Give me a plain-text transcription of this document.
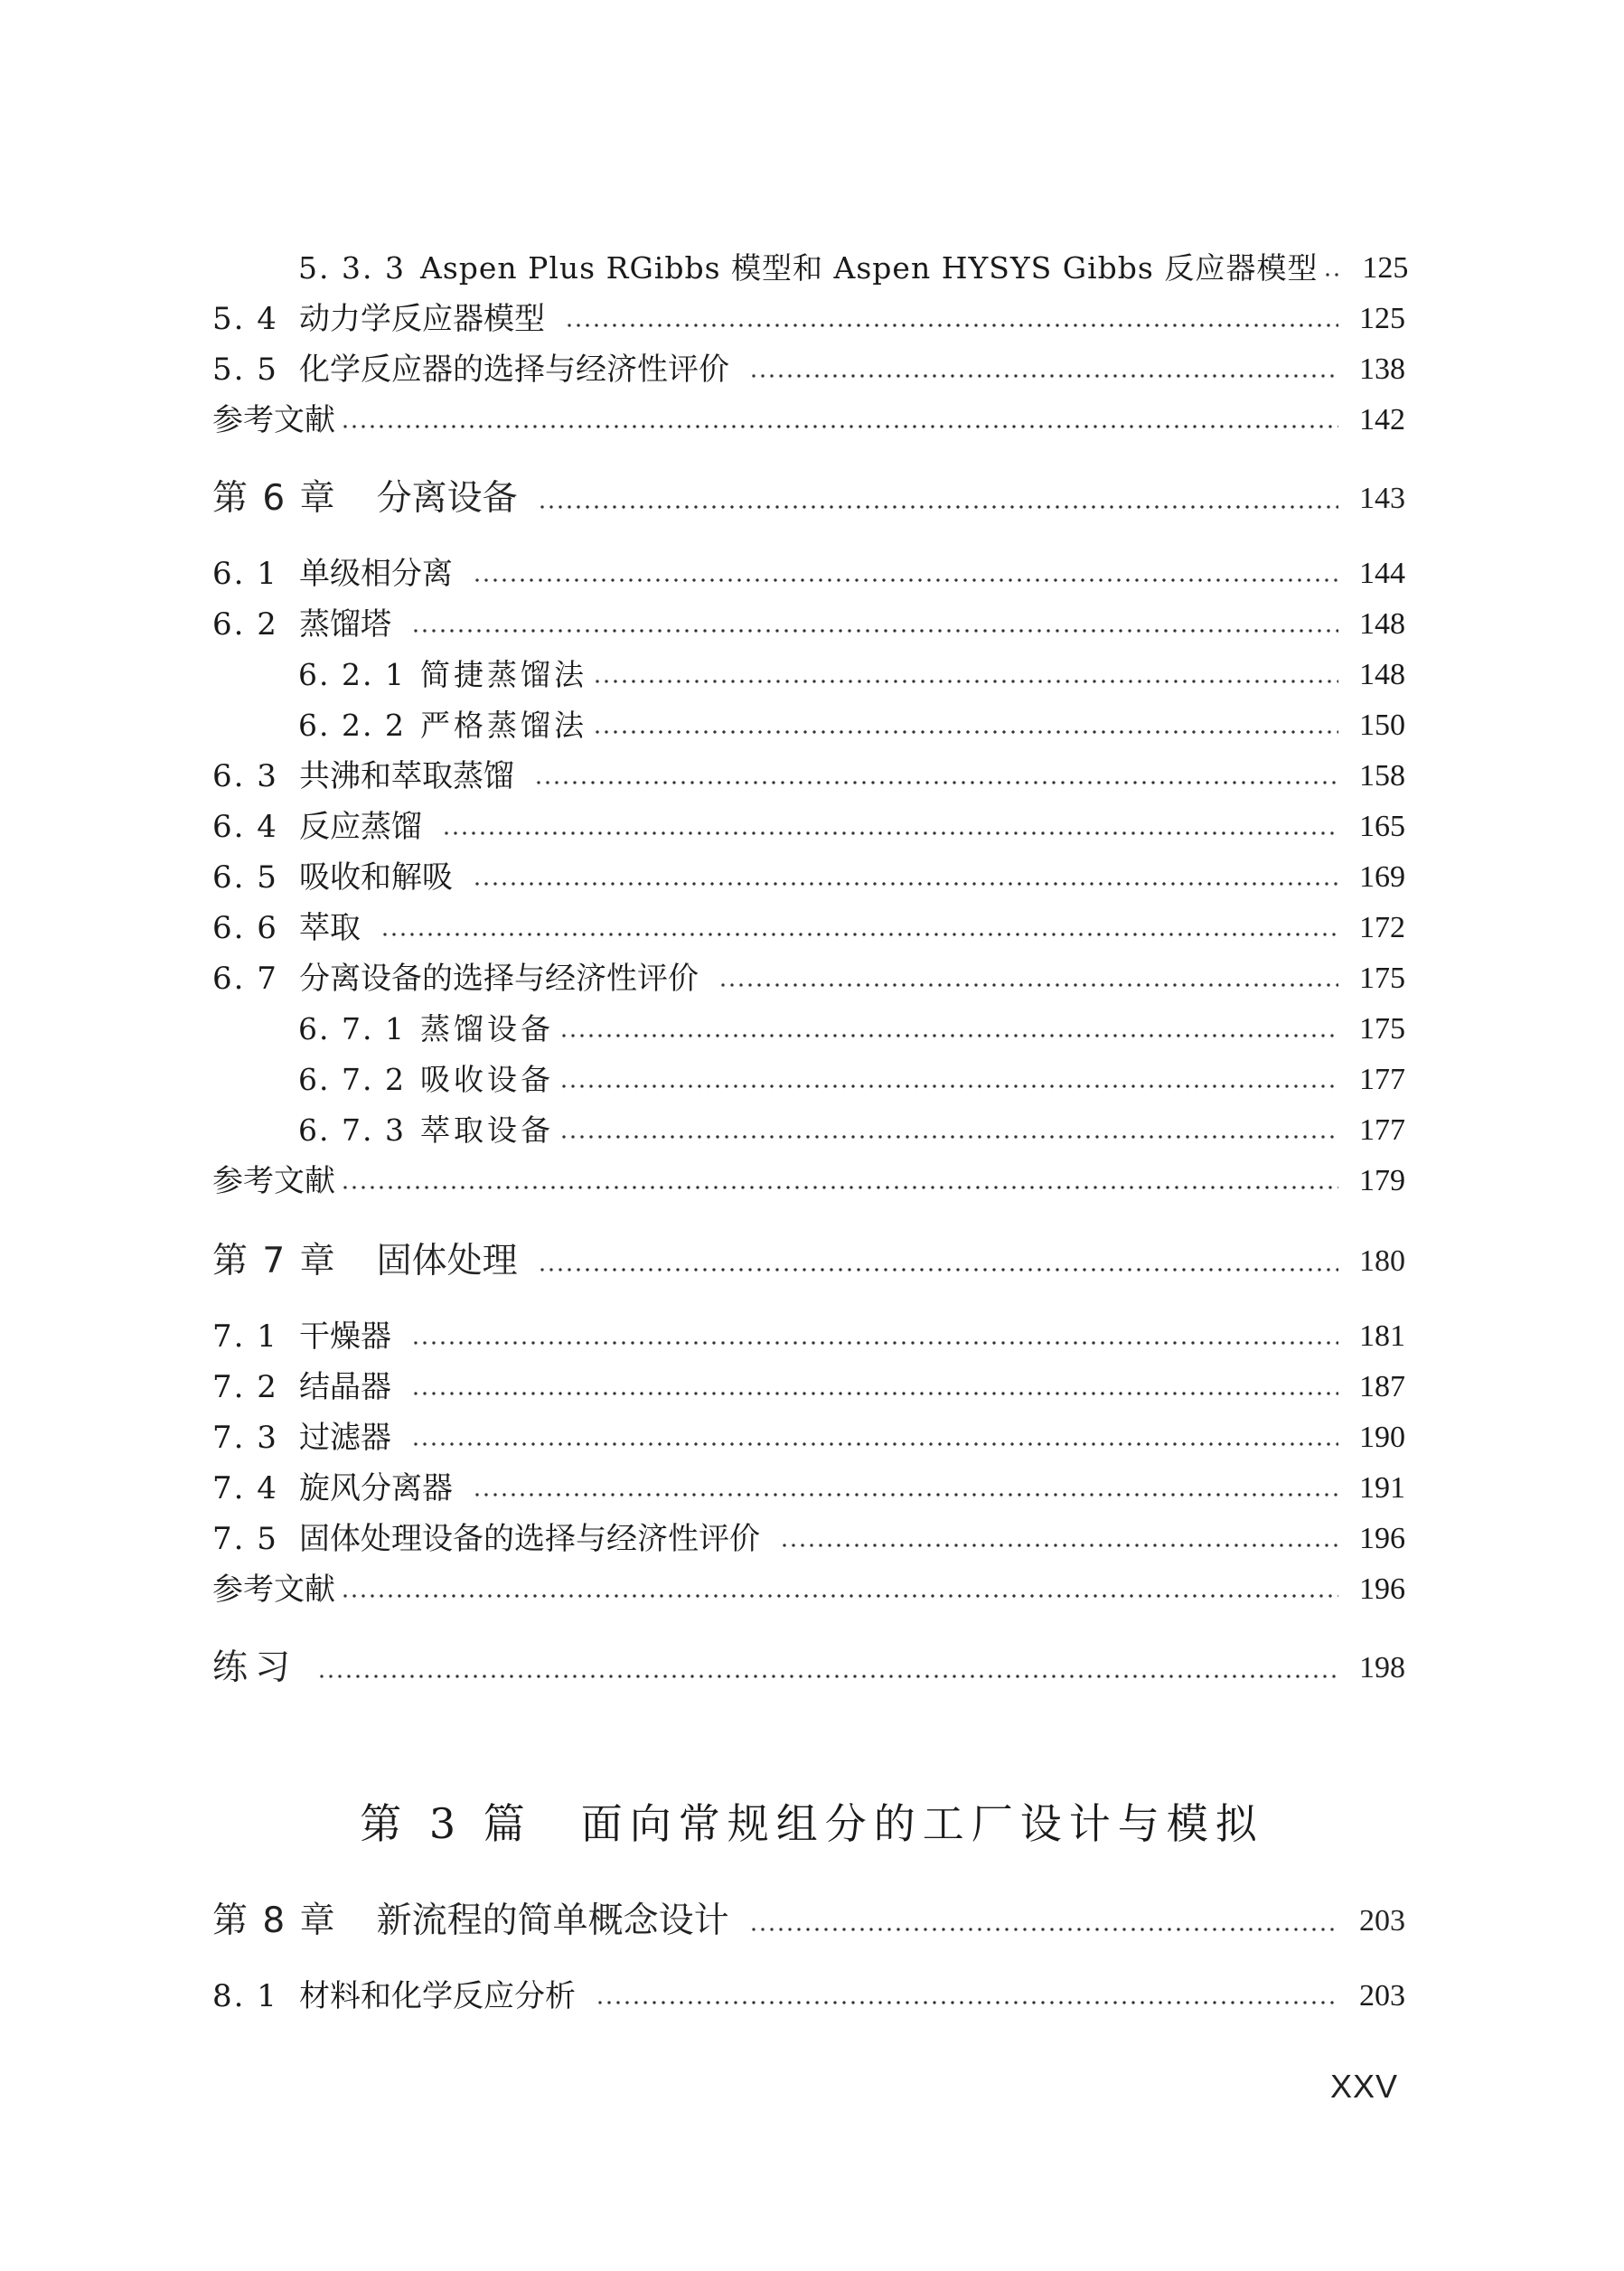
5. 3. 3 Aspen Plus RGibbs 模型和 Aspen HYSYS Gibbs 反应器模型 125
5. 4 动力学反应器模型	125
5. 5 化学反应器的选择与经济性评价	138
参考文献	142
第 6 章 分离设备	143
6. 1 单级相分离	144
6. 2 蒸馏塔	148
6. 2. 1 简捷蒸馏法	148
6. 2. 2 严格蒸馏法	150
6. 3 共沸和萃取蒸馏	158
6. 4 反应蒸馏	165
6. 5 吸收和解吸	169
6. 6 萃取	172
6. 7 分离设备的选择与经济性评价	175
6. 7. 1 蒸馏设备	175
6. 7. 2 吸收设备	177
6. 7. 3 萃取设备	177
参考文献	179
第 7 章 固体处理	180
7. 1 干燥器	181
7. 2 结晶器	187
7. 3 过滤器	190
7. 4 旋风分离器	191
7. 5 固体处理设备的选择与经济性评价	196
参考文献	196
练习	198
第 3 篇　面向常规组分的工厂设计与模拟
第 8 章 新流程的简单概念设计	203
8. 1 材料和化学反应分析	203
XXV
